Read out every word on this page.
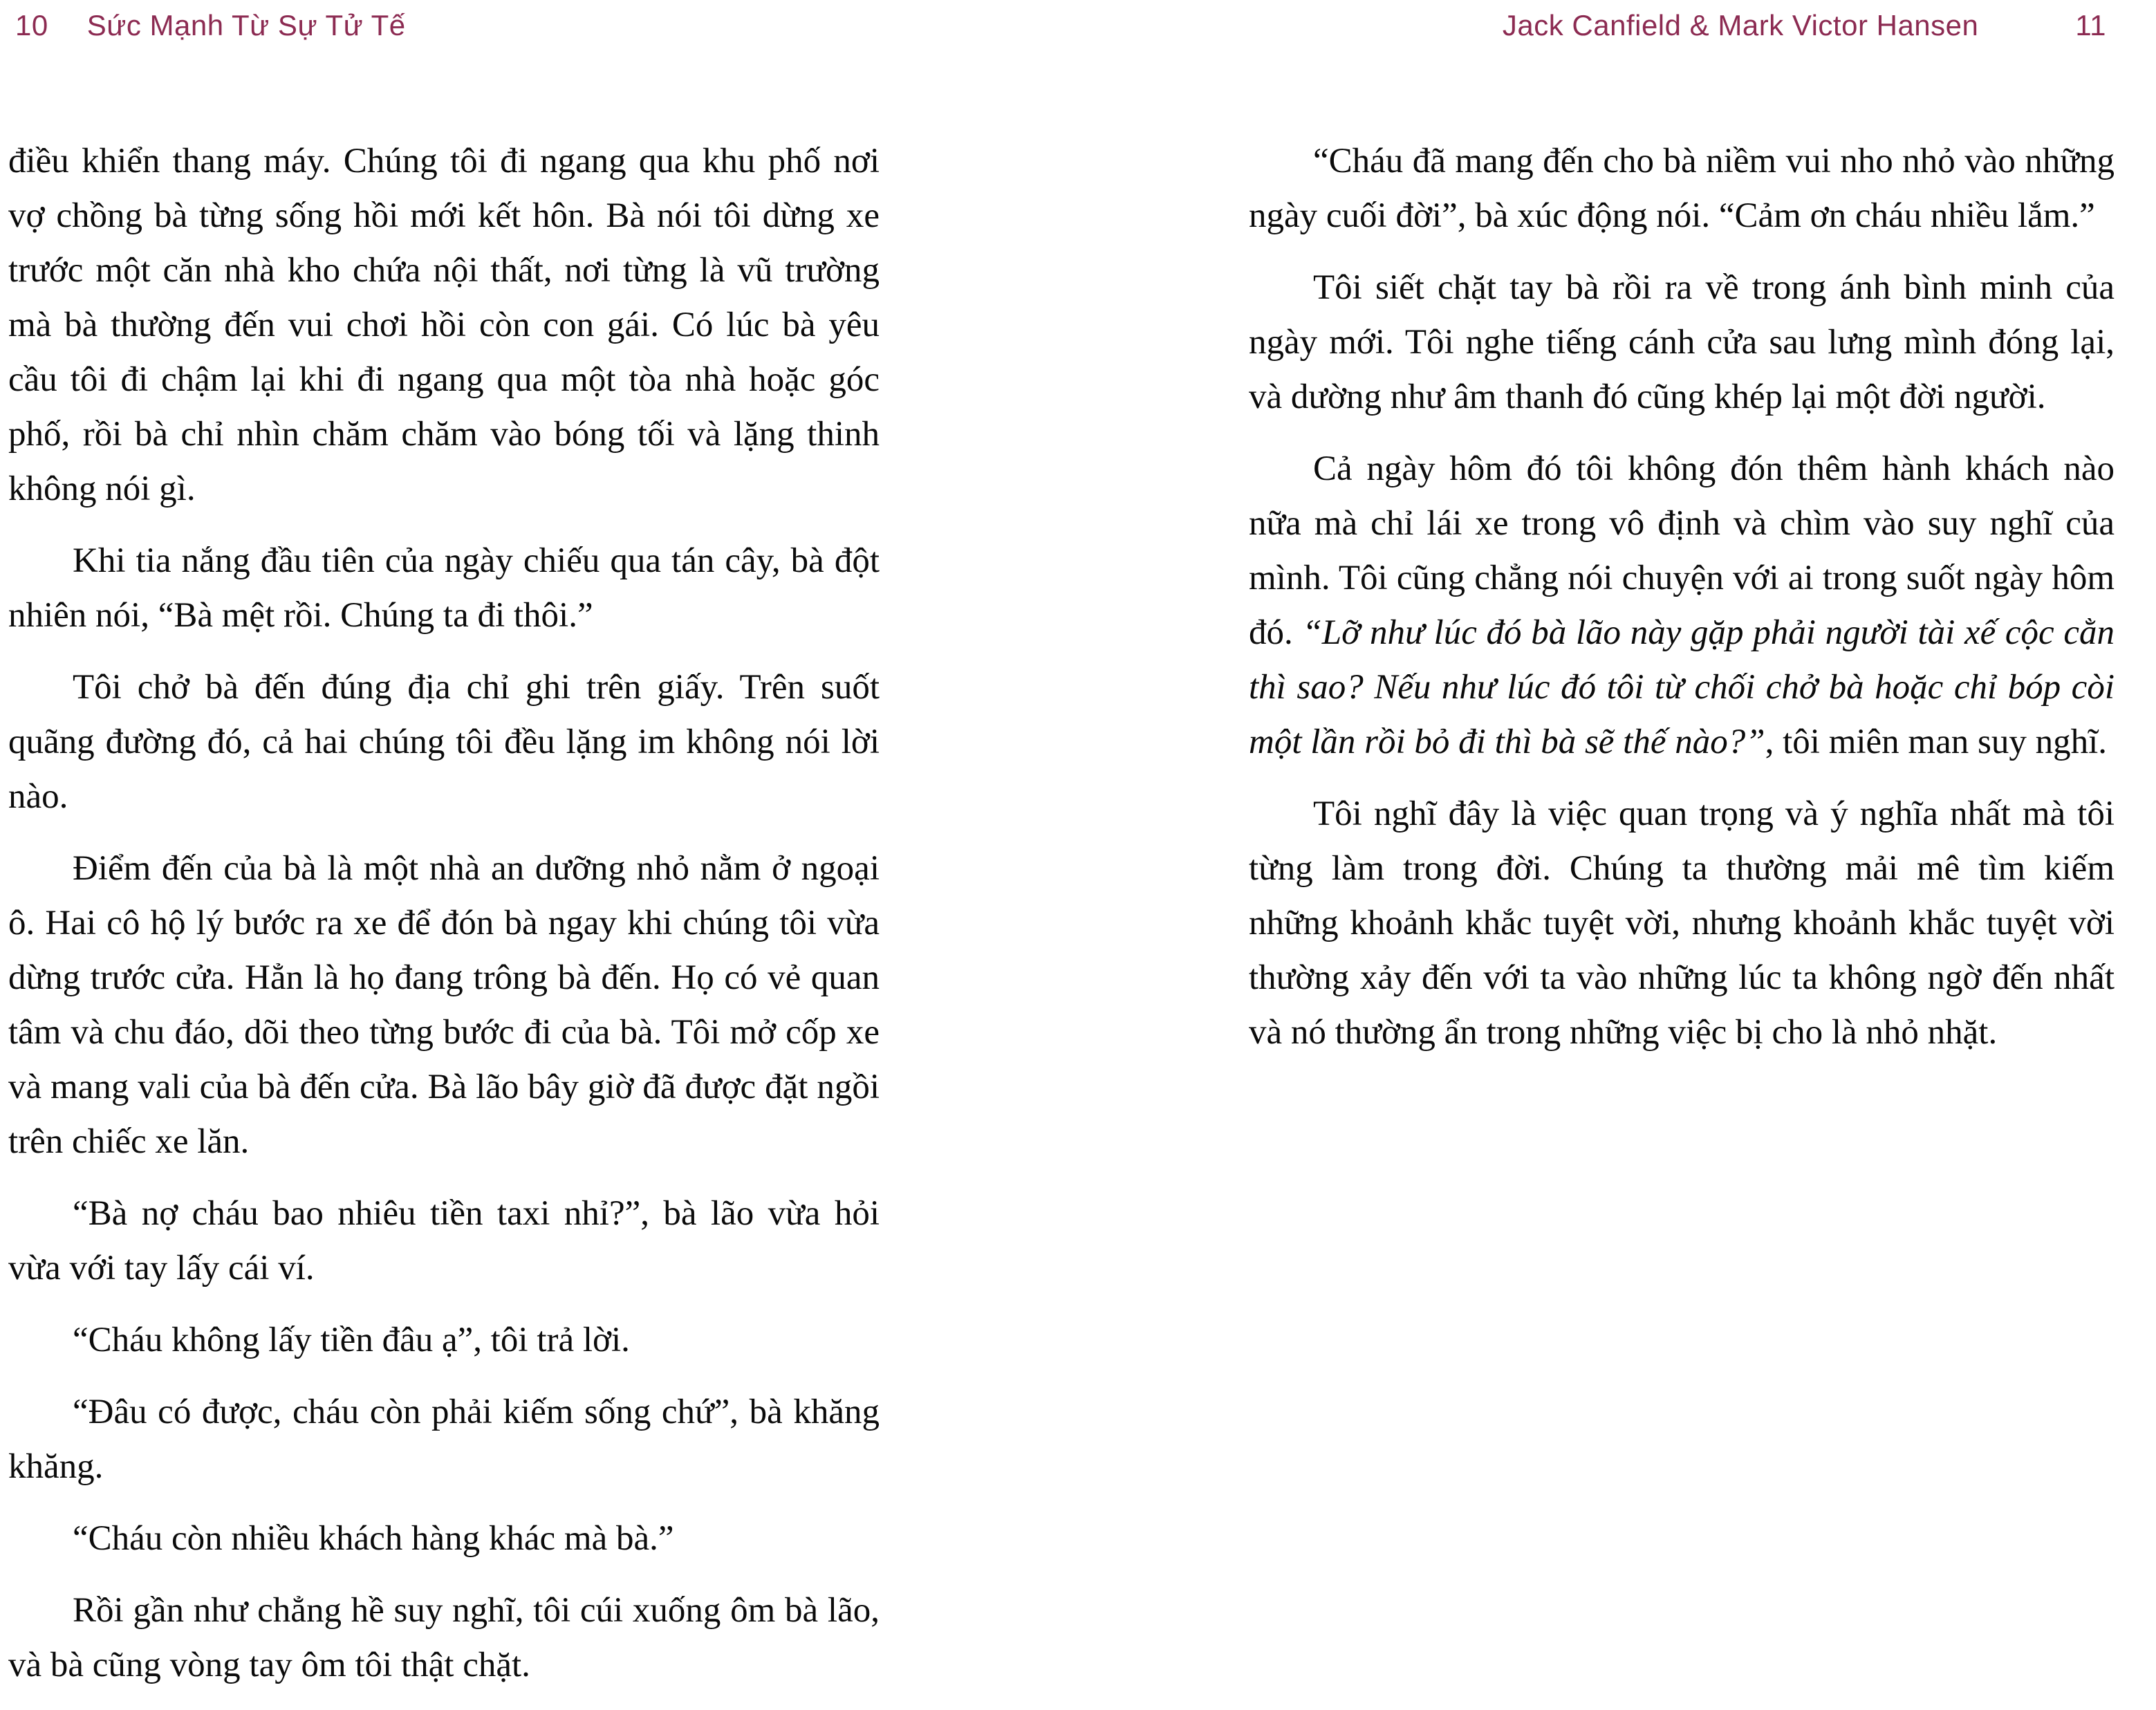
10 Sức Mạnh Từ Sự Tử Tế	Jack Canfield & Mark Victor Hansen	11

điều khiển thang máy. Chúng tôi đi ngang qua khu phố nơi vợ chồng bà từng sống hồi mới kết hôn. Bà nói tôi dừng xe trước một căn nhà kho chứa nội thất, nơi từng là vũ trường mà bà thường đến vui chơi hồi còn con gái. Có lúc bà yêu cầu tôi đi chậm lại khi đi ngang qua một tòa nhà hoặc góc phố, rồi bà chỉ nhìn chăm chăm vào bóng tối và lặng thinh không nói gì.

Khi tia nắng đầu tiên của ngày chiếu qua tán cây, bà đột nhiên nói, “Bà mệt rồi. Chúng ta đi thôi.”

Tôi chở bà đến đúng địa chỉ ghi trên giấy. Trên suốt quãng đường đó, cả hai chúng tôi đều lặng im không nói lời nào.

Điểm đến của bà là một nhà an dưỡng nhỏ nằm ở ngoại ô. Hai cô hộ lý bước ra xe để đón bà ngay khi chúng tôi vừa dừng trước cửa. Hẳn là họ đang trông bà đến. Họ có vẻ quan tâm và chu đáo, dõi theo từng bước đi của bà. Tôi mở cốp xe và mang vali của bà đến cửa. Bà lão bây giờ đã được đặt ngồi trên chiếc xe lăn.

“Bà nợ cháu bao nhiêu tiền taxi nhỉ?”, bà lão vừa hỏi vừa với tay lấy cái ví.

“Cháu không lấy tiền đâu ạ”, tôi trả lời.

“Đâu có được, cháu còn phải kiếm sống chứ”, bà khăng khăng.

“Cháu còn nhiều khách hàng khác mà bà.”

Rồi gần như chẳng hề suy nghĩ, tôi cúi xuống ôm bà lão, và bà cũng vòng tay ôm tôi thật chặt.

“Cháu đã mang đến cho bà niềm vui nho nhỏ vào những ngày cuối đời”, bà xúc động nói. “Cảm ơn cháu nhiều lắm.”

Tôi siết chặt tay bà rồi ra về trong ánh bình minh của ngày mới. Tôi nghe tiếng cánh cửa sau lưng mình đóng lại, và dường như âm thanh đó cũng khép lại một đời người.

Cả ngày hôm đó tôi không đón thêm hành khách nào nữa mà chỉ lái xe trong vô định và chìm vào suy nghĩ của mình. Tôi cũng chẳng nói chuyện với ai trong suốt ngày hôm đó. “Lỡ như lúc đó bà lão này gặp phải người tài xế cộc cằn thì sao? Nếu như lúc đó tôi từ chối chở bà hoặc chỉ bóp còi một lần rồi bỏ đi thì bà sẽ thế nào?”, tôi miên man suy nghĩ.

Tôi nghĩ đây là việc quan trọng và ý nghĩa nhất mà tôi từng làm trong đời. Chúng ta thường mải mê tìm kiếm những khoảnh khắc tuyệt vời, nhưng khoảnh khắc tuyệt vời thường xảy đến với ta vào những lúc ta không ngờ đến nhất và nó thường ẩn trong những việc bị cho là nhỏ nhặt.
